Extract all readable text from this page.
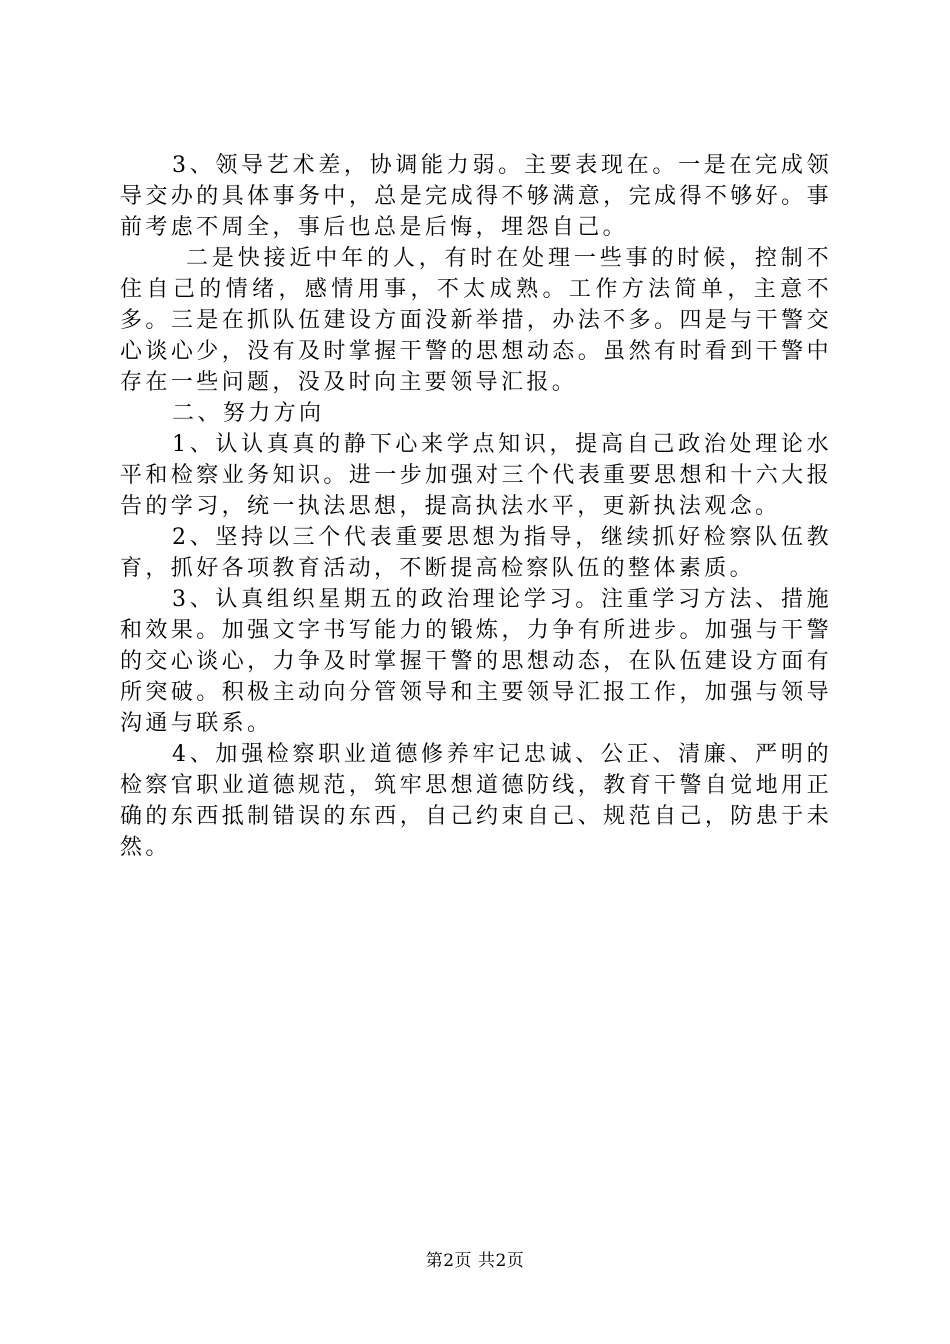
3、领导艺术差，协调能力弱。主要表现在。一是在完成领导交办的具体事务中，总是完成得不够满意，完成得不够好。事前考虑不周全，事后也总是后悔，埋怨自己。

二是快接近中年的人，有时在处理一些事的时候，控制不住自己的情绪，感情用事，不太成熟。工作方法简单，主意不多。三是在抓队伍建设方面没新举措，办法不多。四是与干警交心谈心少，没有及时掌握干警的思想动态。虽然有时看到干警中存在一些问题，没及时向主要领导汇报。

二、努力方向

1、认认真真的静下心来学点知识，提高自己政治处理论水平和检察业务知识。进一步加强对三个代表重要思想和十六大报告的学习，统一执法思想，提高执法水平，更新执法观念。

2、坚持以三个代表重要思想为指导，继续抓好检察队伍教育，抓好各项教育活动，不断提高检察队伍的整体素质。

3、认真组织星期五的政治理论学习。注重学习方法、措施和效果。加强文字书写能力的锻炼，力争有所进步。加强与干警的交心谈心，力争及时掌握干警的思想动态，在队伍建设方面有所突破。积极主动向分管领导和主要领导汇报工作，加强与领导沟通与联系。

4、加强检察职业道德修养牢记忠诚、公正、清廉、严明的检察官职业道德规范，筑牢思想道德防线，教育干警自觉地用正确的东西抵制错误的东西，自己约束自己、规范自己，防患于未然。

第2页 共2页
